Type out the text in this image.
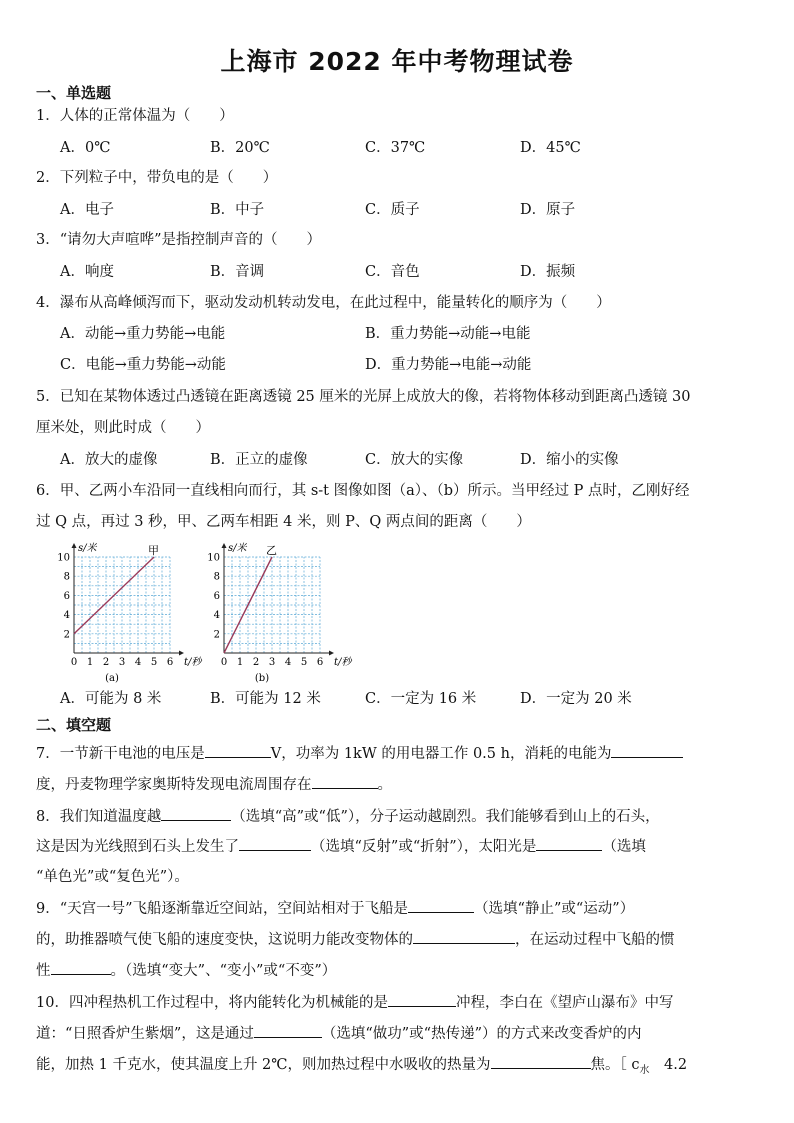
上海市 2022 年中考物理试卷
一、单选题
1．人体的正常体温为（　　）
A．0℃	B．20℃	C．37℃	D．45℃
2．下列粒子中，带负电的是（　　）
A．电子	B．中子	C．质子	D．原子
3．“请勿大声喧哗”是指控制声音的（　　）
A．响度	B．音调	C．音色	D．振频
4．瀑布从高峰倾泻而下，驱动发动机转动发电，在此过程中，能量转化的顺序为（　　）
A．动能→重力势能→电能	B．重力势能→动能→电能
C．电能→重力势能→动能	D．重力势能→电能→动能
5．已知在某物体透过凸透镜在距离透镜 25 厘米的光屏上成放大的像，若将物体移动到距离凸透镜 30
厘米处，则此时成（　　）
A．放大的虚像	B．正立的虚像	C．放大的实像	D．缩小的实像
6．甲、乙两小车沿同一直线相向而行，其 s-t 图像如图（a）、（b）所示。当甲经过 P 点时，乙刚好经
过 Q 点，再过 3 秒，甲、乙两车相距 4 米，则 P、Q 两点间的距离（　　）
0 1 2 3 4 5 6
2
4
6
8
10
t/秒
s/米
(a)
甲
0 1 2 3 4 5 6
2
4
6
8
10
t/秒
s/米
(b)
乙
A．可能为 8 米	B．可能为 12 米	C．一定为 16 米	D．一定为 20 米
二、填空题
7．一节新干电池的电压是	V，功率为 1kW 的用电器工作 0.5 h，消耗的电能为
度，丹麦物理学家奥斯特发现电流周围存在	。
8．我们知道温度越	（选填“高”或“低”），分子运动越剧烈。我们能够看到山上的石头，
这是因为光线照到石头上发生了	（选填“反射”或“折射”），太阳光是	（选填
“单色光”或“复色光”）。
9．“天宫一号”飞船逐渐靠近空间站，空间站相对于飞船是	（选填“静止”或“运动”）
的，助推器喷气使飞船的速度变快，这说明力能改变物体的	，在运动过程中飞船的惯
性	。（选填“变大”、“变小”或“不变”）
10．四冲程热机工作过程中，将内能转化为机械能的是	冲程，李白在《望庐山瀑布》中写
道：“日照香炉生紫烟”，这是通过	（选填“做功”或“热传递”）的方式来改变香炉的内
能，加热 1 千克水，使其温度上升 2℃，则加热过程中水吸收的热量为	焦。［ $c_水$　4.2
